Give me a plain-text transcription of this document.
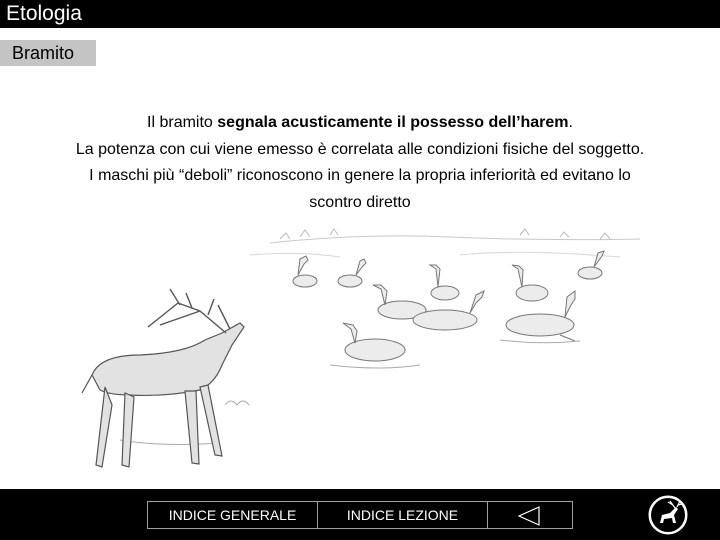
Etologia
Bramito
Il bramito segnala acusticamente il possesso dell’harem.
La potenza con cui viene emesso è correlata alle condizioni fisiche del soggetto.
I maschi più “deboli” riconoscono in genere la propria inferiorità ed evitano lo
scontro diretto
INDICE GENERALE	INDICE LEZIONE
